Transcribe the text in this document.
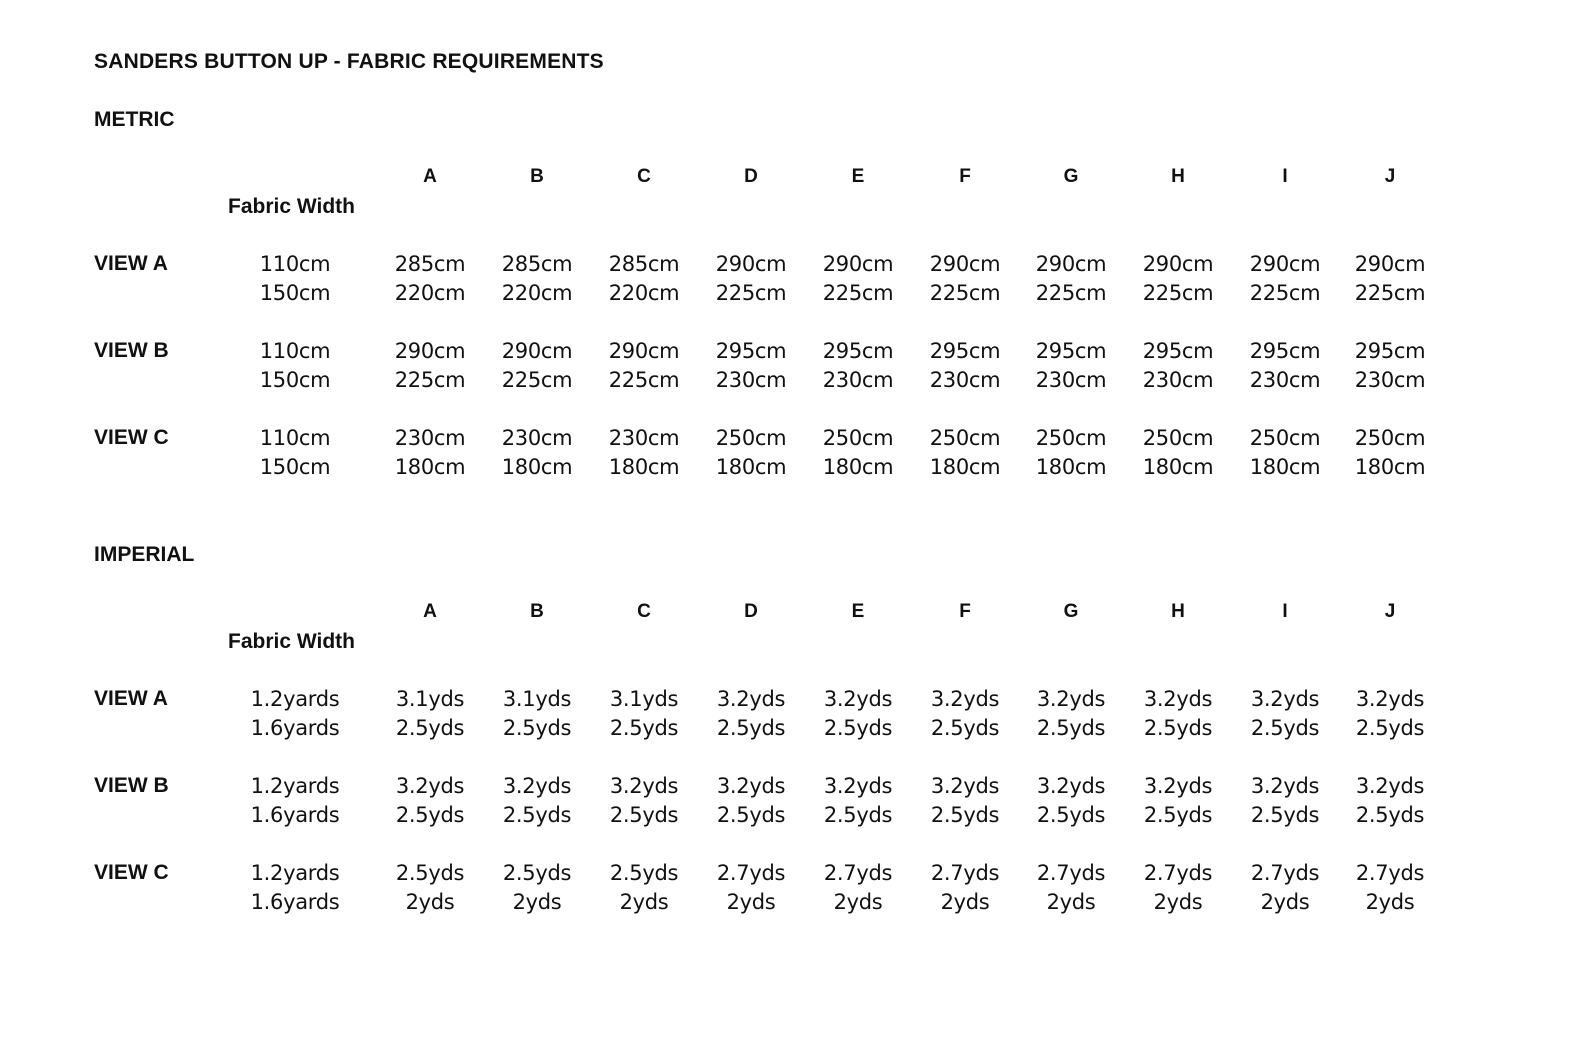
SANDERS BUTTON UP - FABRIC REQUIREMENTS
METRIC
A	B	C	D	E	F	G	H	I	J
Fabric Width
VIEW A	110cm	285cm 285cm 285cm 290cm 290cm 290cm 290cm 290cm 290cm 290cm
150cm	220cm 220cm 220cm 225cm 225cm 225cm 225cm 225cm 225cm 225cm
VIEW B	110cm	290cm 290cm 290cm 295cm 295cm 295cm 295cm 295cm 295cm 295cm
150cm	225cm 225cm 225cm 230cm 230cm 230cm 230cm 230cm 230cm 230cm
VIEW C	110cm	230cm 230cm 230cm 250cm 250cm 250cm 250cm 250cm 250cm 250cm
150cm	180cm 180cm 180cm 180cm 180cm 180cm 180cm 180cm 180cm 180cm
IMPERIAL
A	B	C	D	E	F	G	H	I	J
Fabric Width
VIEW A	1.2yards	3.1yds 3.1yds 3.1yds 3.2yds 3.2yds 3.2yds 3.2yds 3.2yds 3.2yds 3.2yds
1.6yards	2.5yds 2.5yds 2.5yds 2.5yds 2.5yds 2.5yds 2.5yds 2.5yds 2.5yds 2.5yds
VIEW B	1.2yards	3.2yds 3.2yds 3.2yds 3.2yds 3.2yds 3.2yds 3.2yds 3.2yds 3.2yds 3.2yds
1.6yards	2.5yds 2.5yds 2.5yds 2.5yds 2.5yds 2.5yds 2.5yds 2.5yds 2.5yds 2.5yds
VIEW C	1.2yards	2.5yds 2.5yds 2.5yds 2.7yds 2.7yds 2.7yds 2.7yds 2.7yds 2.7yds 2.7yds
1.6yards	2yds	2yds	2yds	2yds	2yds	2yds	2yds	2yds	2yds	2yds
